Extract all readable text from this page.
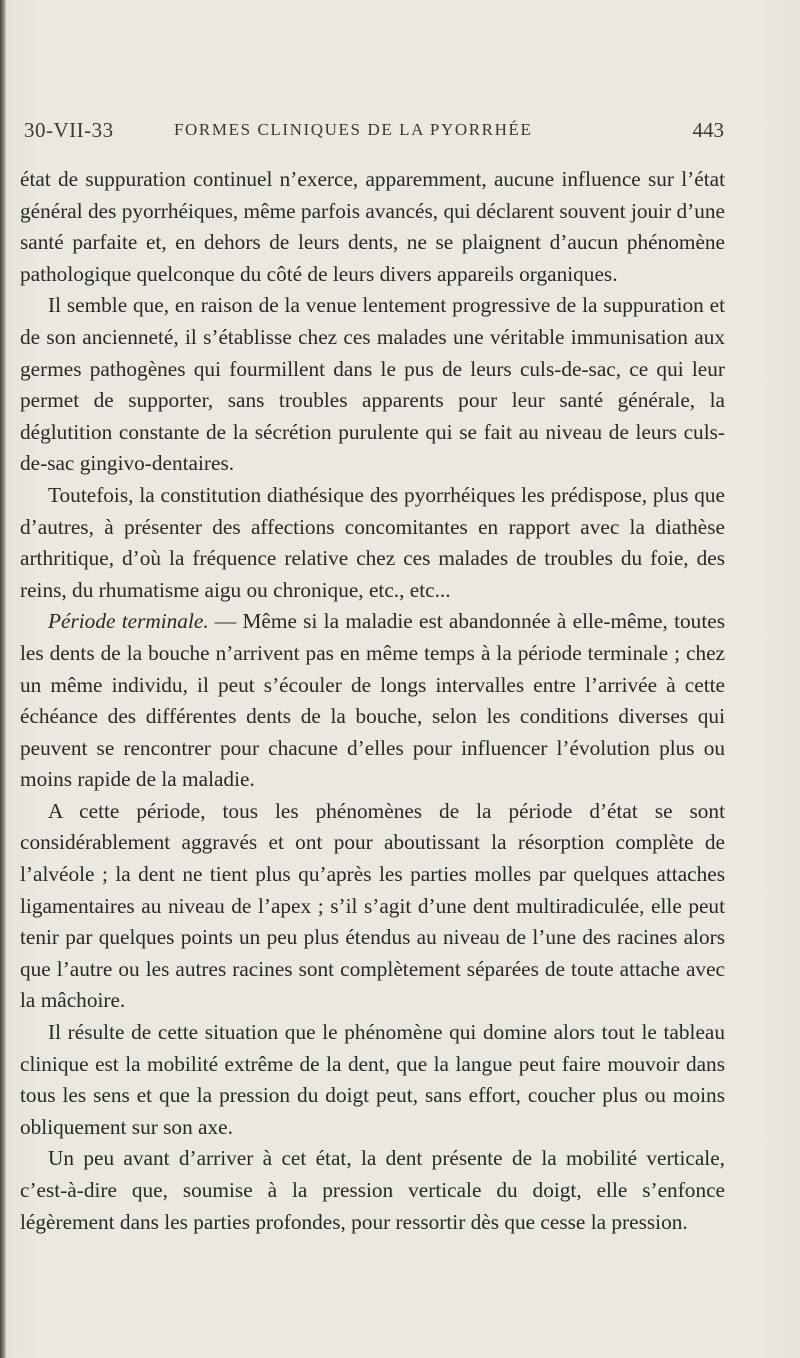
30-VII-33	FORMES CLINIQUES DE LA PYORRHÉE	443

état de suppuration continuel n’exerce, apparemment, aucune influence sur l’état général des pyorrhéiques, même parfois avancés, qui déclarent souvent jouir d’une santé parfaite et, en dehors de leurs dents, ne se plaignent d’aucun phénomène pathologique quelconque du côté de leurs divers appareils organiques.

Il semble que, en raison de la venue lentement progressive de la suppuration et de son ancienneté, il s’établisse chez ces malades une véritable immunisation aux germes pathogènes qui fourmillent dans le pus de leurs culs-de-sac, ce qui leur permet de supporter, sans troubles apparents pour leur santé générale, la déglutition constante de la sécrétion purulente qui se fait au niveau de leurs culs-de-sac gingivo-dentaires.

Toutefois, la constitution diathésique des pyorrhéiques les prédispose, plus que d’autres, à présenter des affections concomitantes en rapport avec la diathèse arthritique, d’où la fréquence relative chez ces malades de troubles du foie, des reins, du rhumatisme aigu ou chronique, etc., etc...

Période terminale. — Même si la maladie est abandonnée à elle-même, toutes les dents de la bouche n’arrivent pas en même temps à la période terminale ; chez un même individu, il peut s’écouler de longs intervalles entre l’arrivée à cette échéance des différentes dents de la bouche, selon les conditions diverses qui peuvent se rencontrer pour chacune d’elles pour influencer l’évolution plus ou moins rapide de la maladie.

A cette période, tous les phénomènes de la période d’état se sont considérablement aggravés et ont pour aboutissant la résorption complète de l’alvéole ; la dent ne tient plus qu’après les parties molles par quelques attaches ligamentaires au niveau de l’apex ; s’il s’agit d’une dent multiradiculée, elle peut tenir par quelques points un peu plus étendus au niveau de l’une des racines alors que l’autre ou les autres racines sont complètement séparées de toute attache avec la mâchoire.

Il résulte de cette situation que le phénomène qui domine alors tout le tableau clinique est la mobilité extrême de la dent, que la langue peut faire mouvoir dans tous les sens et que la pression du doigt peut, sans effort, coucher plus ou moins obliquement sur son axe.

Un peu avant d’arriver à cet état, la dent présente de la mobilité verticale, c’est-à-dire que, soumise à la pression verticale du doigt, elle s’enfonce légèrement dans les parties profondes, pour ressortir dès que cesse la pression.
